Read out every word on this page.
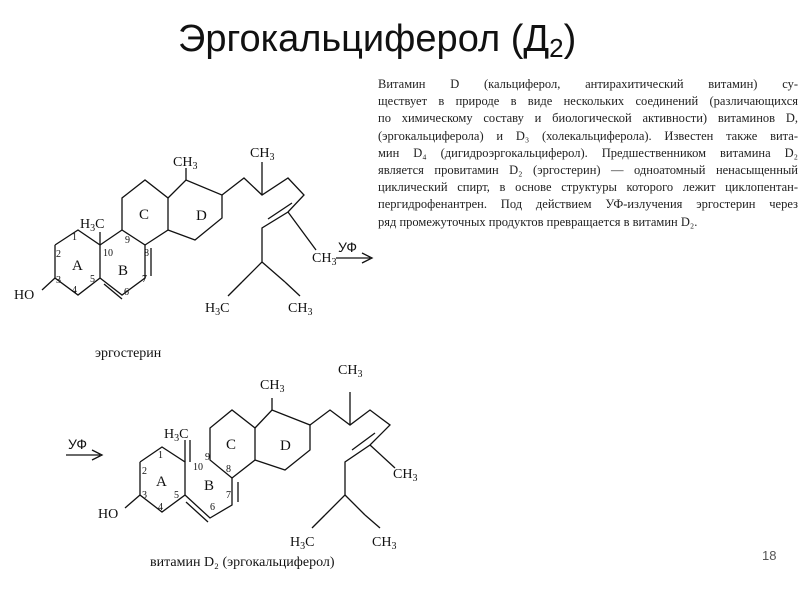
Эргокальциферол $(Д_2)$
Витамин D (кальциферол, антирахитический витамин) су-
ществует в природе в виде нескольких соединений (различающихся
по химическому составу и биологической активности) витаминов D,
(эргокальциферола) и D₃ (холекальциферола). Известен также вита-
мин D₄ (дигидроэргокальциферол). Предшественником витамина D₂
является провитамин D₂ (эргостерин) — одноатомный ненасыщенный
циклический спирт, в основе структуры которого лежит циклопентан-
пергидрофенантрен. Под действием УФ-излучения эргостерин через
ряд промежуточных продуктов превращается в витамин D₂.
A B
C	D
1
2
3
4
5
6
7
8
9
10
$CH_3$
$CH_3$
$H_3C$
$CH_3$
$H_3C$	$CH_3$
HO
УФ
УФ
A B
C	D
1
2
3
4
5
6
7
8
9
10
$CH_3$
$CH_3$
$H_3C$
$CH_3$
$H_3C$	$CH_3$
HO
эргостерин
витамин D₂ (эргокальциферол)	18
